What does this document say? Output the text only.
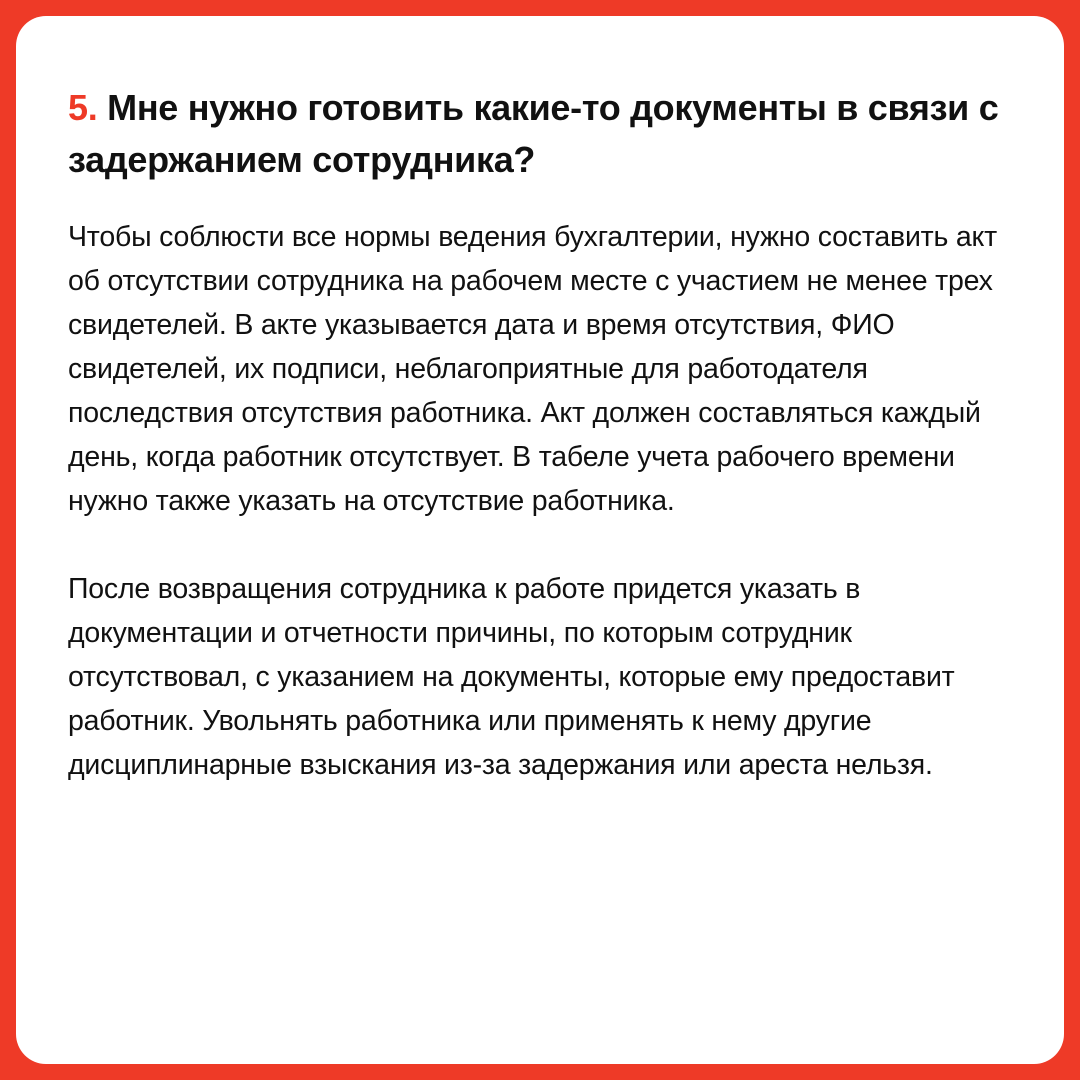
5. Мне нужно готовить какие-то документы в связи с задержанием сотрудника?

Чтобы соблюсти все нормы ведения бухгалтерии, нужно составить акт об отсутствии сотрудника на рабочем месте с участием не менее трех свидетелей. В акте указывается дата и время отсутствия, ФИО свидетелей, их подписи, неблагоприятные для работодателя последствия отсутствия работника. Акт должен составляться каждый день, когда работник отсутствует. В табеле учета рабочего времени нужно также указать на отсутствие работника.

После возвращения сотрудника к работе придется указать в документации и отчетности причины, по которым сотрудник отсутствовал, с указанием на документы, которые ему предоставит работник. Увольнять работника или применять к нему другие дисциплинарные взыскания из-за задержания или ареста нельзя.
